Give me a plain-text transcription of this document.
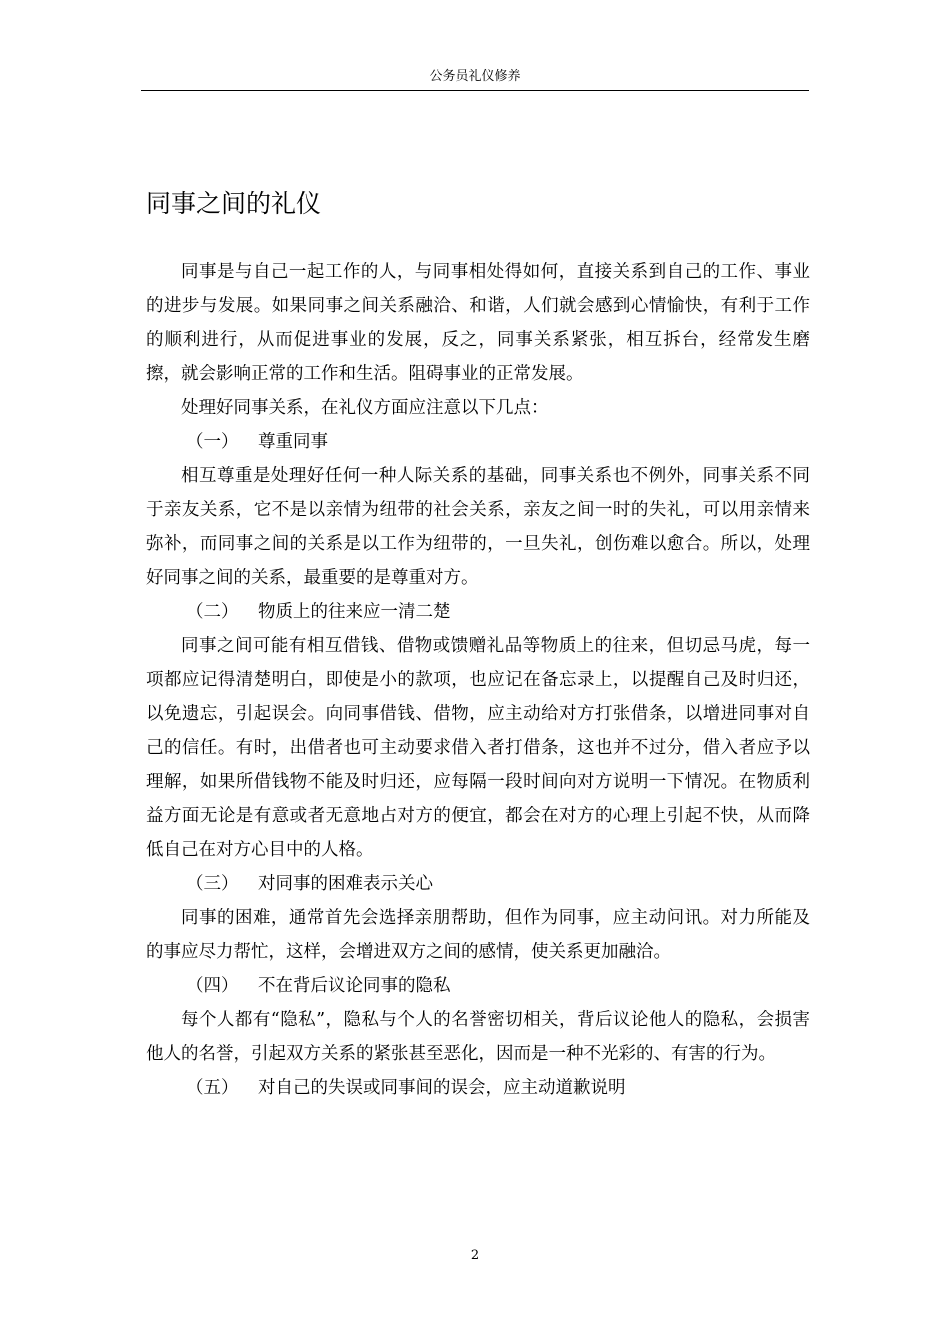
公务员礼仪修养
同事之间的礼仪

同事是与自己一起工作的人，与同事相处得如何，直接关系到自己的工作、事业的进步与发展。如果同事之间关系融洽、和谐，人们就会感到心情愉快，有利于工作的顺利进行，从而促进事业的发展，反之，同事关系紧张，相互拆台，经常发生磨擦，就会影响正常的工作和生活。阻碍事业的正常发展。

处理好同事关系，在礼仪方面应注意以下几点：

（一） 尊重同事

相互尊重是处理好任何一种人际关系的基础，同事关系也不例外，同事关系不同于亲友关系，它不是以亲情为纽带的社会关系，亲友之间一时的失礼，可以用亲情来弥补，而同事之间的关系是以工作为纽带的，一旦失礼，创伤难以愈合。所以，处理好同事之间的关系，最重要的是尊重对方。

（二） 物质上的往来应一清二楚

同事之间可能有相互借钱、借物或馈赠礼品等物质上的往来，但切忌马虎，每一项都应记得清楚明白，即使是小的款项，也应记在备忘录上，以提醒自己及时归还，以免遗忘，引起误会。向同事借钱、借物，应主动给对方打张借条，以增进同事对自己的信任。有时，出借者也可主动要求借入者打借条，这也并不过分，借入者应予以理解，如果所借钱物不能及时归还，应每隔一段时间向对方说明一下情况。在物质利益方面无论是有意或者无意地占对方的便宜，都会在对方的心理上引起不快，从而降低自己在对方心目中的人格。

（三） 对同事的困难表示关心

同事的困难，通常首先会选择亲朋帮助，但作为同事，应主动问讯。对力所能及的事应尽力帮忙，这样，会增进双方之间的感情，使关系更加融洽。

（四） 不在背后议论同事的隐私

每个人都有“隐私”，隐私与个人的名誉密切相关，背后议论他人的隐私，会损害他人的名誉，引起双方关系的紧张甚至恶化，因而是一种不光彩的、有害的行为。

（五） 对自己的失误或同事间的误会，应主动道歉说明

2
